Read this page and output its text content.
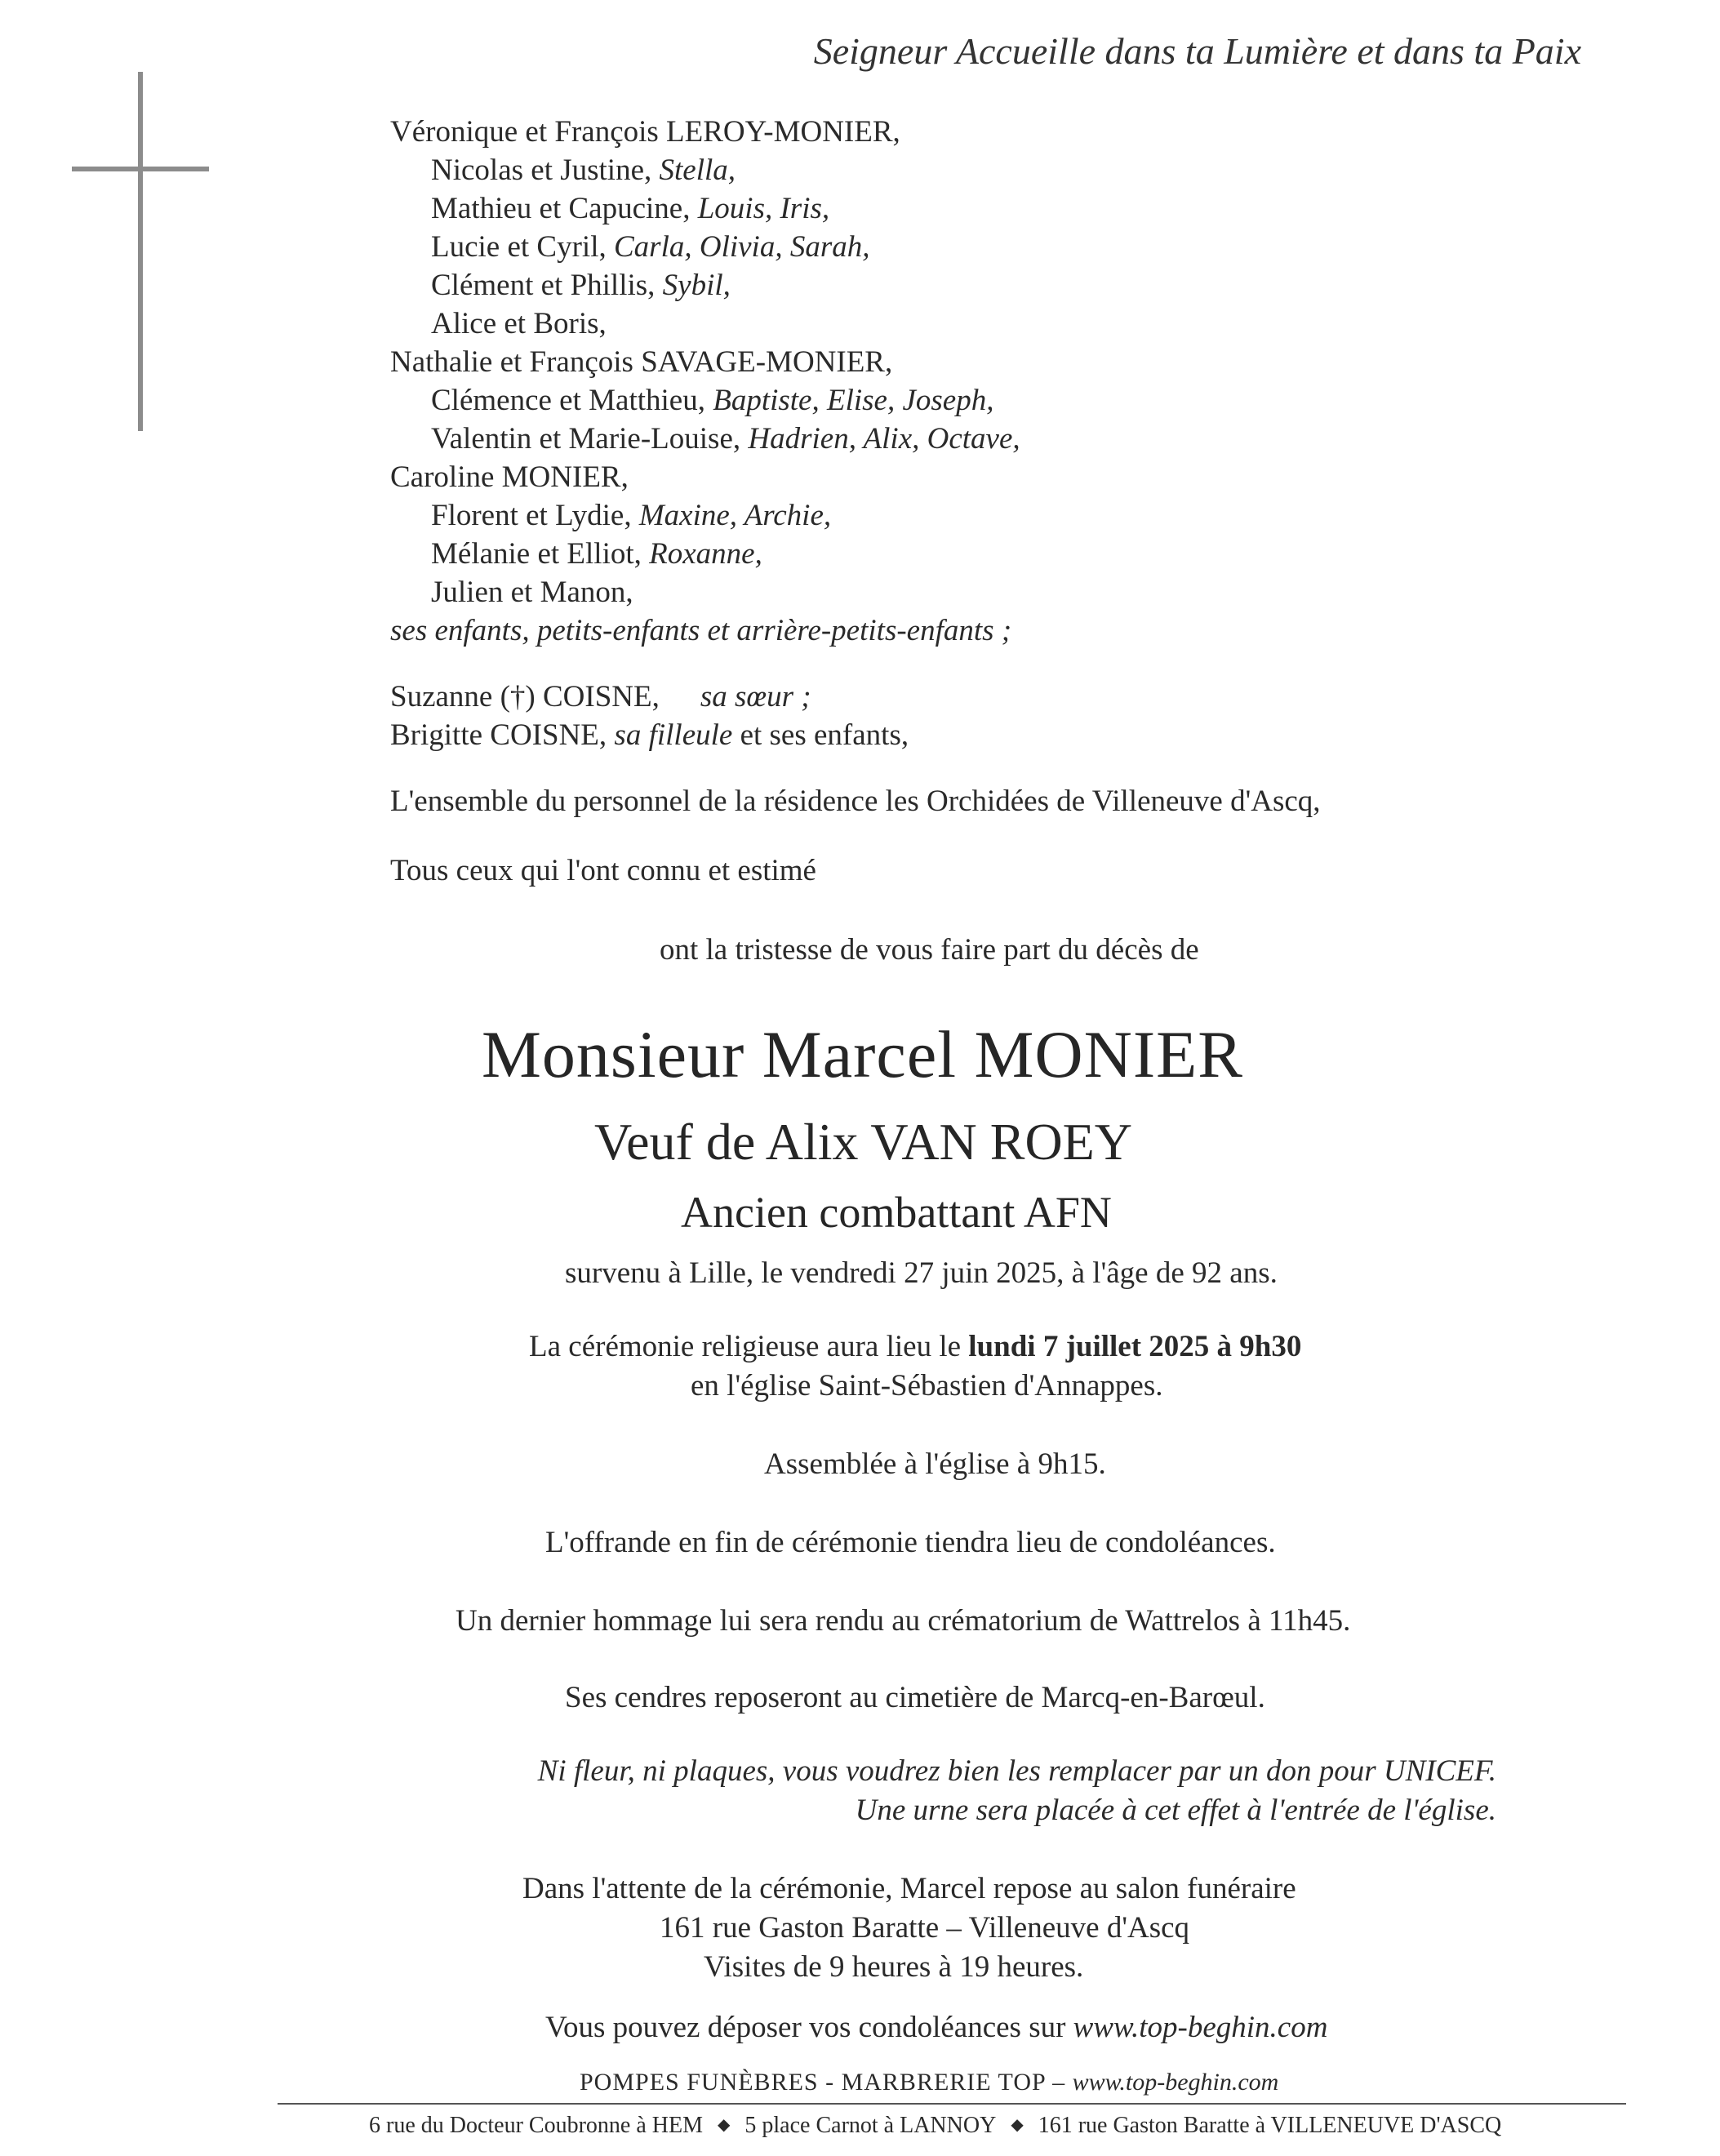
Seigneur Accueille dans ta Lumière et dans ta Paix
Véronique et François LEROY-MONIER,
Nicolas et Justine, Stella,
Mathieu et Capucine, Louis, Iris,
Lucie et Cyril, Carla, Olivia, Sarah,
Clément et Phillis, Sybil,
Alice et Boris,
Nathalie et François SAVAGE-MONIER,
Clémence et Matthieu, Baptiste, Elise, Joseph,
Valentin et Marie-Louise, Hadrien, Alix, Octave,
Caroline MONIER,
Florent et Lydie, Maxine, Archie,
Mélanie et Elliot, Roxanne,
Julien et Manon,
ses enfants, petits-enfants et arrière-petits-enfants ;
Suzanne (†) COISNE, sa sœur ;
Brigitte COISNE, sa filleule et ses enfants,
L'ensemble du personnel de la résidence les Orchidées de Villeneuve d'Ascq,
Tous ceux qui l'ont connu et estimé
ont la tristesse de vous faire part du décès de
Monsieur Marcel MONIER
Veuf de Alix VAN ROEY
Ancien combattant AFN
survenu à Lille, le vendredi 27 juin 2025, à l'âge de 92 ans.
La cérémonie religieuse aura lieu le lundi 7 juillet 2025 à 9h30
en l'église Saint-Sébastien d'Annappes.
Assemblée à l'église à 9h15.
L'offrande en fin de cérémonie tiendra lieu de condoléances.
Un dernier hommage lui sera rendu au crématorium de Wattrelos à 11h45.
Ses cendres reposeront au cimetière de Marcq-en-Barœul.
Ni fleur, ni plaques, vous voudrez bien les remplacer par un don pour UNICEF.
Une urne sera placée à cet effet à l'entrée de l'église.
Dans l'attente de la cérémonie, Marcel repose au salon funéraire
161 rue Gaston Baratte – Villeneuve d'Ascq
Visites de 9 heures à 19 heures.
Vous pouvez déposer vos condoléances sur www.top-beghin.com
POMPES FUNÈBRES - MARBRERIE TOP – www.top-beghin.com
6 rue du Docteur Coubronne à HEM ◆ 5 place Carnot à LANNOY ◆ 161 rue Gaston Baratte à VILLENEUVE D'ASCQ
